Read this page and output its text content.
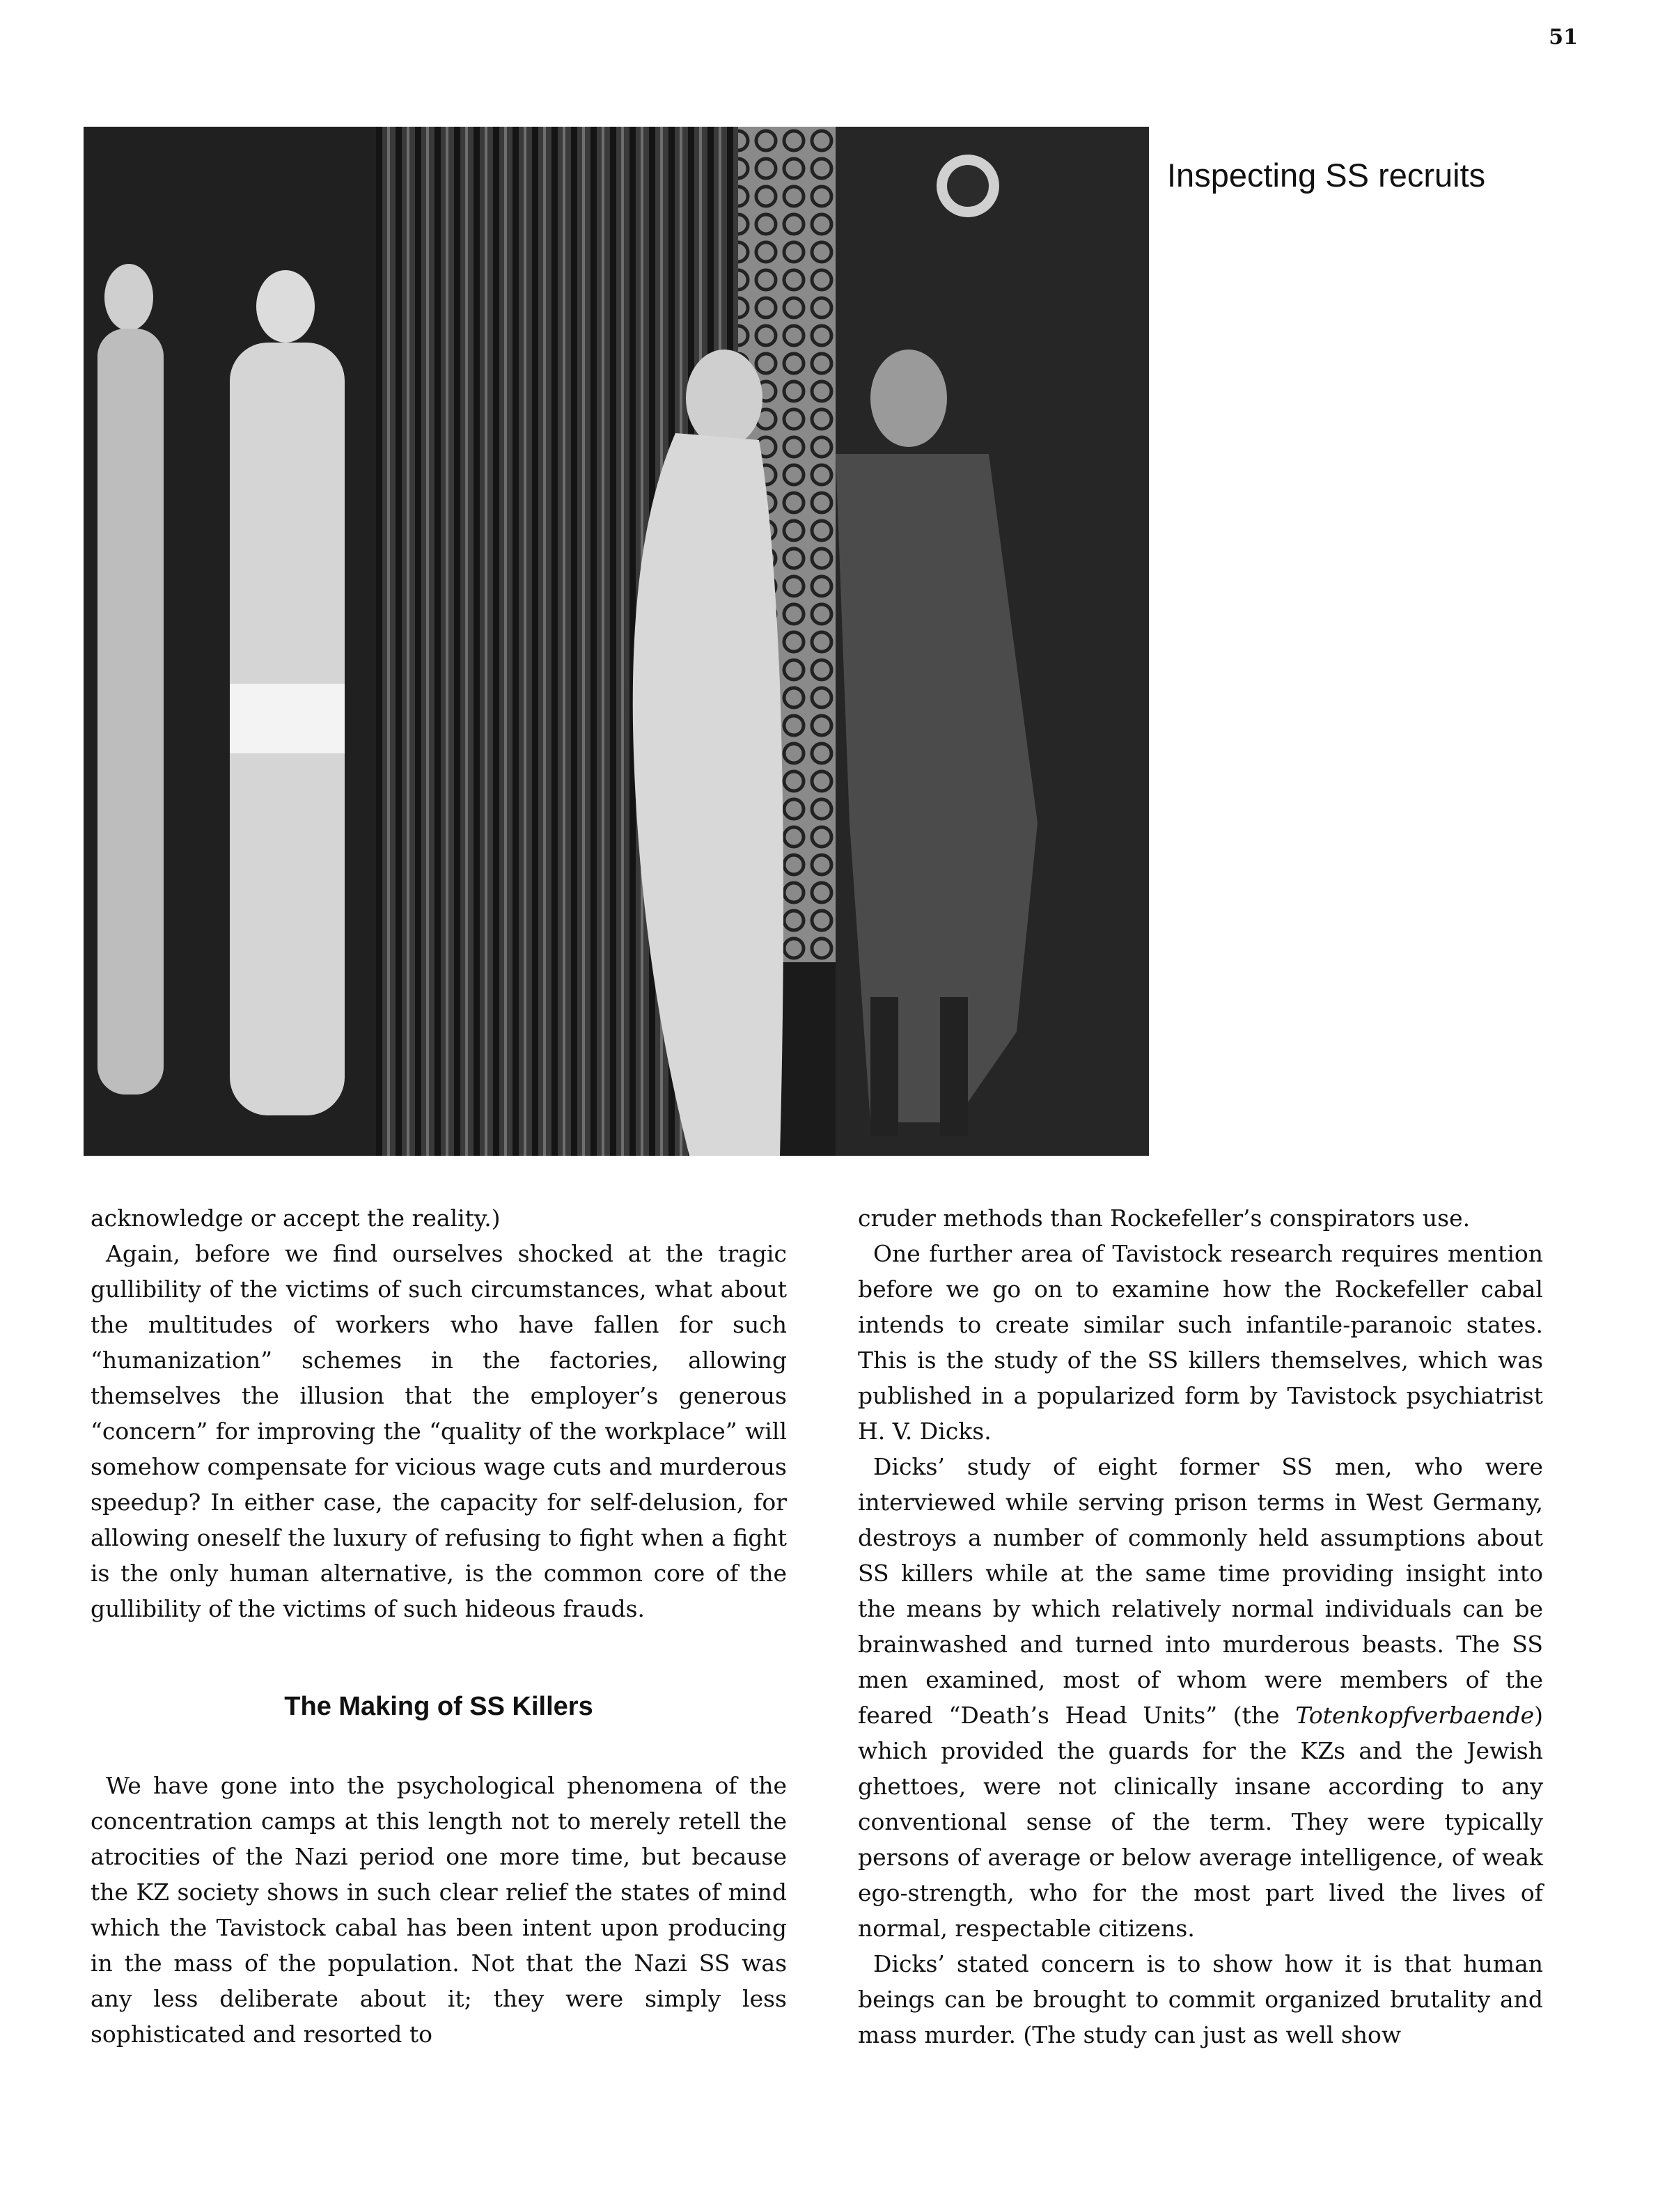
51
Inspecting SS recruits

acknowledge or accept the reality.)

Again, before we find ourselves shocked at the tragic gullibility of the victims of such circumstances, what about the multitudes of workers who have fallen for such “humanization” schemes in the factories, allowing themselves the illusion that the employer’s generous “concern” for improving the “quality of the workplace” will somehow compensate for vicious wage cuts and murderous speedup? In either case, the capacity for self-delusion, for allowing oneself the luxury of refusing to fight when a fight is the only human alternative, is the common core of the gullibility of the victims of such hideous frauds.

The Making of SS Killers

We have gone into the psychological phenomena of the concentration camps at this length not to merely retell the atrocities of the Nazi period one more time, but because the KZ society shows in such clear relief the states of mind which the Tavistock cabal has been intent upon producing in the mass of the population. Not that the Nazi SS was any less deliberate about it; they were simply less sophisticated and resorted to

cruder methods than Rockefeller’s conspirators use.

One further area of Tavistock research requires mention before we go on to examine how the Rockefeller cabal intends to create similar such infantile-paranoic states. This is the study of the SS killers themselves, which was published in a popularized form by Tavistock psychiatrist H. V. Dicks.

Dicks’ study of eight former SS men, who were interviewed while serving prison terms in West Germany, destroys a number of commonly held assumptions about SS killers while at the same time providing insight into the means by which relatively normal individuals can be brainwashed and turned into murderous beasts. The SS men examined, most of whom were members of the feared “Death’s Head Units” (the Totenkopfverbaende) which provided the guards for the KZs and the Jewish ghettoes, were not clinically insane according to any conventional sense of the term. They were typically persons of average or below average intelligence, of weak ego-strength, who for the most part lived the lives of normal, respectable citizens.

Dicks’ stated concern is to show how it is that human beings can be brought to commit organized brutality and mass murder. (The study can just as well show
